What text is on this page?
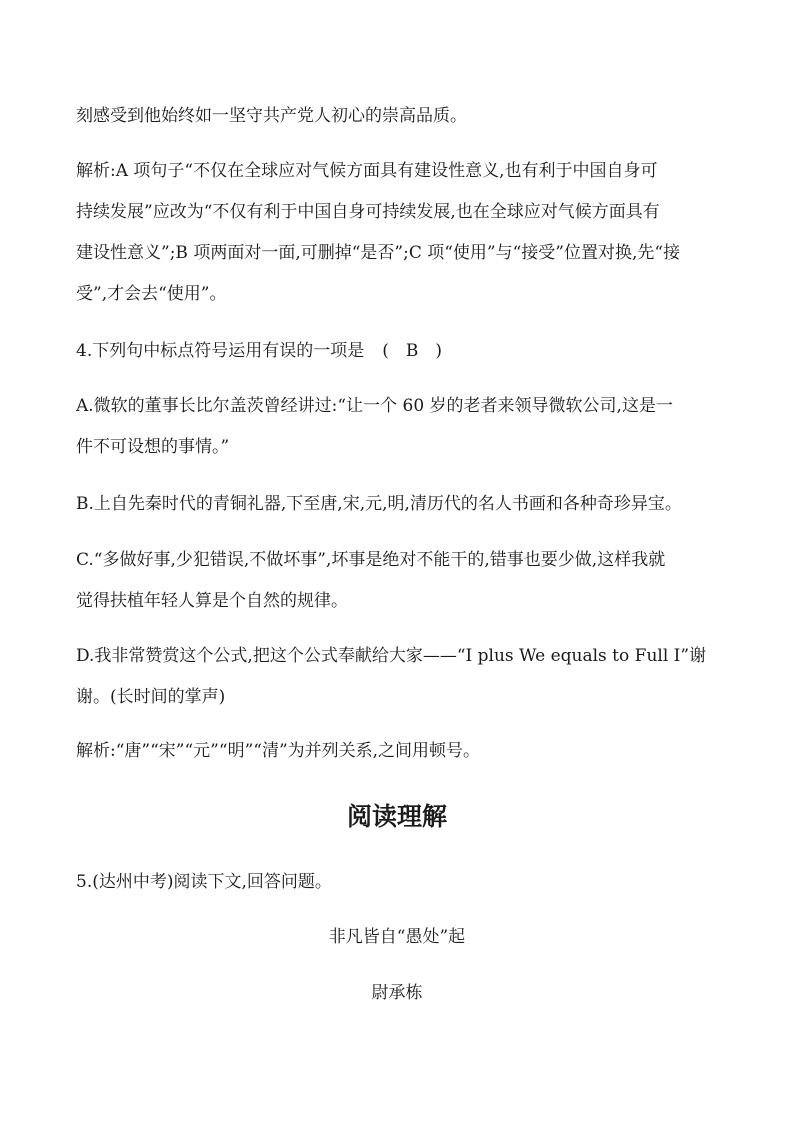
刻感受到他始终如一坚守共产党人初心的崇高品质。

解析:A 项句子“不仅在全球应对气候方面具有建设性意义,也有利于中国自身可
持续发展”应改为“不仅有利于中国自身可持续发展,也在全球应对气候方面具有
建设性意义”;B 项两面对一面,可删掉“是否”;C 项“使用”与“接受”位置对换,先“接
受”,才会去“使用”。

4.下列句中标点符号运用有误的一项是 (　B　)

A.微软的董事长比尔盖茨曾经讲过:“让一个 60 岁的老者来领导微软公司,这是一
件不可设想的事情。”

B.上自先秦时代的青铜礼器,下至唐,宋,元,明,清历代的名人书画和各种奇珍异宝。

C.“多做好事,少犯错误,不做坏事”,坏事是绝对不能干的,错事也要少做,这样我就
觉得扶植年轻人算是个自然的规律。

D.我非常赞赏这个公式,把这个公式奉献给大家——“I plus We equals to Full I”谢
谢。(长时间的掌声)

解析:“唐”“宋”“元”“明”“清”为并列关系,之间用顿号。

阅读理解

5.(达州中考)阅读下文,回答问题。

非凡皆自“愚处”起

尉承栋
